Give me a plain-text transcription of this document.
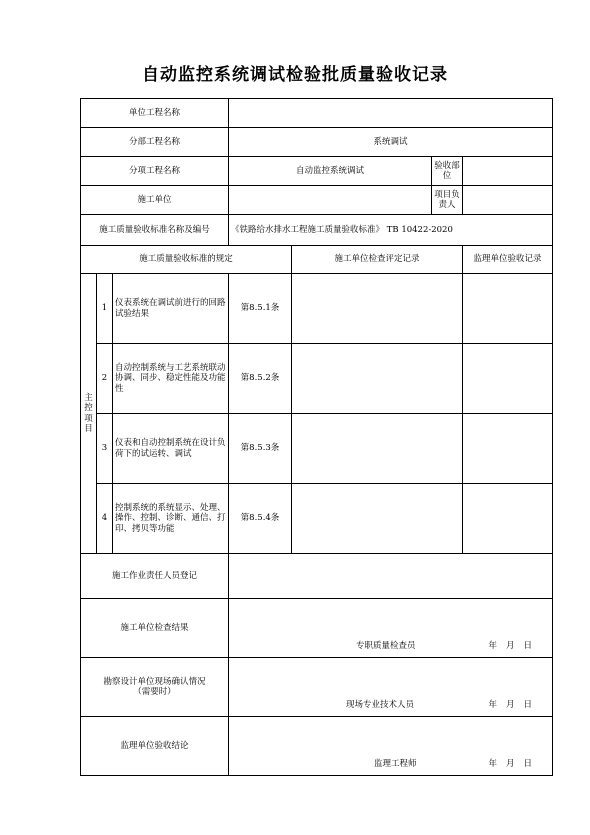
自动监控系统调试检验批质量验收记录
单位工程名称						
分部工程名称			系统调试			
分项工程名称			自动监控系统调试		验收部位	
施工单位					项目负责人	
施工质量验收标准名称及编号			《铁路给水排水工程施工质量验收标准》 TB 10422-2020			
施工质量验收标准的规定				施工单位检查评定记录		监理单位验收记录
主控项目	1	仪表系统在调试前进行的回路试验结果	第8.5.1条			
	2	自动控制系统与工艺系统联动协调、同步、稳定性能及功能性	第8.5.2条			
	3	仪表和自动控制系统在设计负荷下的试运转、调试	第8.5.3条			
	4	控制系统的系统显示、处理、操作、控制、诊断、通信、打印、拷贝等功能	第8.5.4条			
施工作业责任人员登记						
施工单位检查结果			专职质量检查员 年 月 日			

勘察设计单位现场确认情况（需要时）			现场专业技术人员 年 月 日			

监理单位验收结论			监理工程师 年 月 日			
